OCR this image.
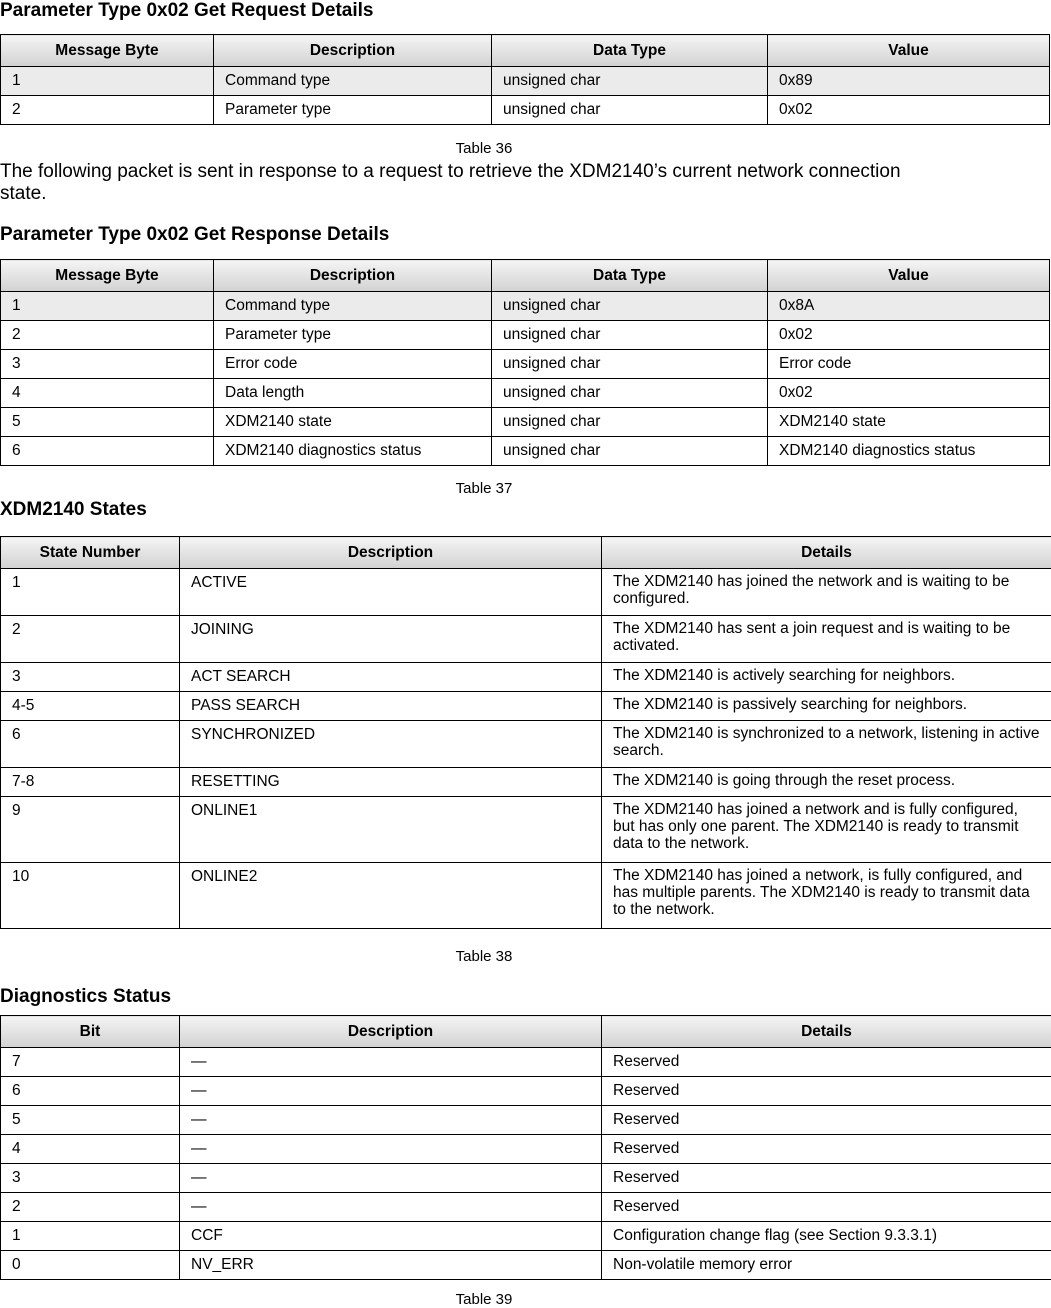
Parameter Type 0x02 Get Request Details
Message Byte	Description	Data Type	Value
1	Command type	unsigned char	0x89
2	Parameter type	unsigned char	0x02
Table 36
The following packet is sent in response to a request to retrieve the XDM2140’s current network connection state.
Parameter Type 0x02 Get Response Details
Message Byte	Description	Data Type	Value
1	Command type	unsigned char	0x8A
2	Parameter type	unsigned char	0x02
3	Error code	unsigned char	Error code
4	Data length	unsigned char	0x02
5	XDM2140 state	unsigned char	XDM2140 state
6	XDM2140 diagnostics status	unsigned char	XDM2140 diagnostics status
Table 37
XDM2140 States
State Number	Description	Details
1	ACTIVE	The XDM2140 has joined the network and is waiting to be configured.
2	JOINING	The XDM2140 has sent a join request and is waiting to be activated.
3	ACT SEARCH	The XDM2140 is actively searching for neighbors.
4-5	PASS SEARCH	The XDM2140 is passively searching for neighbors.
6	SYNCHRONIZED	The XDM2140 is synchronized to a network, listening in active search.
7-8	RESETTING	The XDM2140 is going through the reset process.
9	ONLINE1	The XDM2140 has joined a network and is fully configured, but has only one parent. The XDM2140 is ready to transmit data to the network.
10	ONLINE2	The XDM2140 has joined a network, is fully configured, and has multiple parents. The XDM2140 is ready to transmit data to the network.
Table 38
Diagnostics Status
Bit	Description	Details
7	—	Reserved
6	—	Reserved
5	—	Reserved
4	—	Reserved
3	—	Reserved
2	—	Reserved
1	CCF	Configuration change flag (see Section 9.3.3.1)
0	NV_ERR	Non-volatile memory error
Table 39
